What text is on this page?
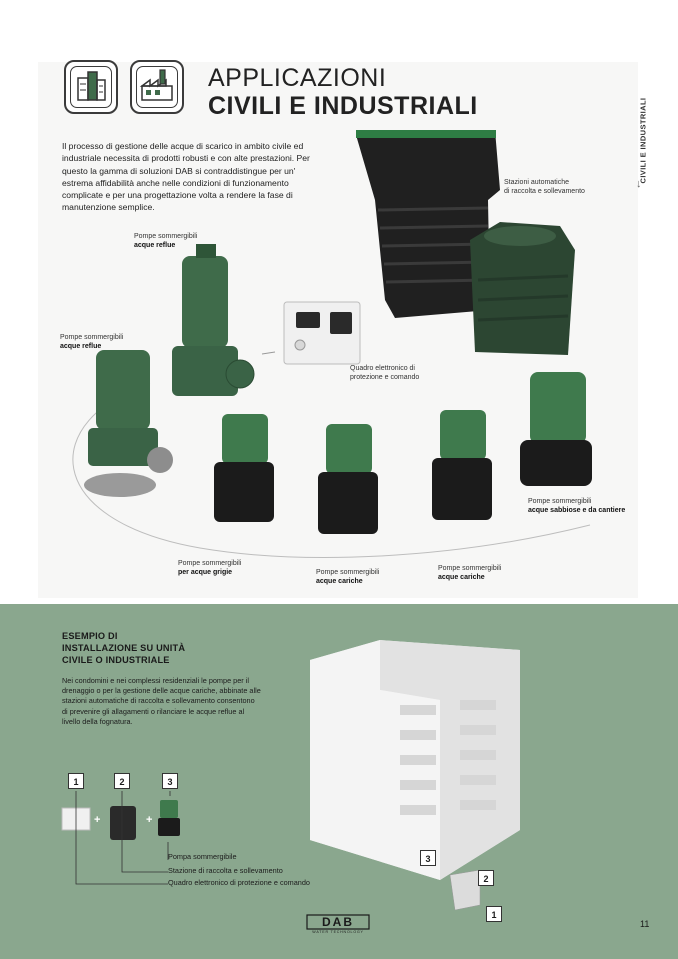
APPLICAZIONI
CIVILI E INDUSTRIALI	CIVILI E INDUSTRIALI
↓
Il processo di gestione delle acque di scarico in ambito civile ed industriale necessita di prodotti robusti e con alte prestazioni. Per questo la gamma di soluzioni DAB si contraddistingue per un' estrema affidabilità anche nelle condizioni di funzionamento complicate e per una progettazione volta a rendere la fase di manutenzione semplice.
Stazioni automatiche
di raccolta e sollevamento
Pompe sommergibili
acque reflue
Pompe sommergibili
acque reflue
Quadro elettronico di
protezione e comando
Pompe sommergibili
acque sabbiose e da cantiere
Pompe sommergibili
per acque grigie	Pompe sommergibili
acque cariche
Pompe sommergibili
acque cariche
ESEMPIO DI
INSTALLAZIONE SU UNITÀ
CIVILE O INDUSTRIALE
Nei condomini e nei complessi residenziali le pompe per il drenaggio o per la gestione delle acque cariche, abbinate alle stazioni automatiche di raccolta e sollevamento consentono di prevenire gli allagamenti o rilanciare le acque reflue al livello della fognatura.
1	2	3
+	+
Pompa sommergibile
Stazione di raccolta e sollevamento
Quadro elettronico di protezione e comando
3
2
1
DAB
WATER TECHNOLOGY
11
